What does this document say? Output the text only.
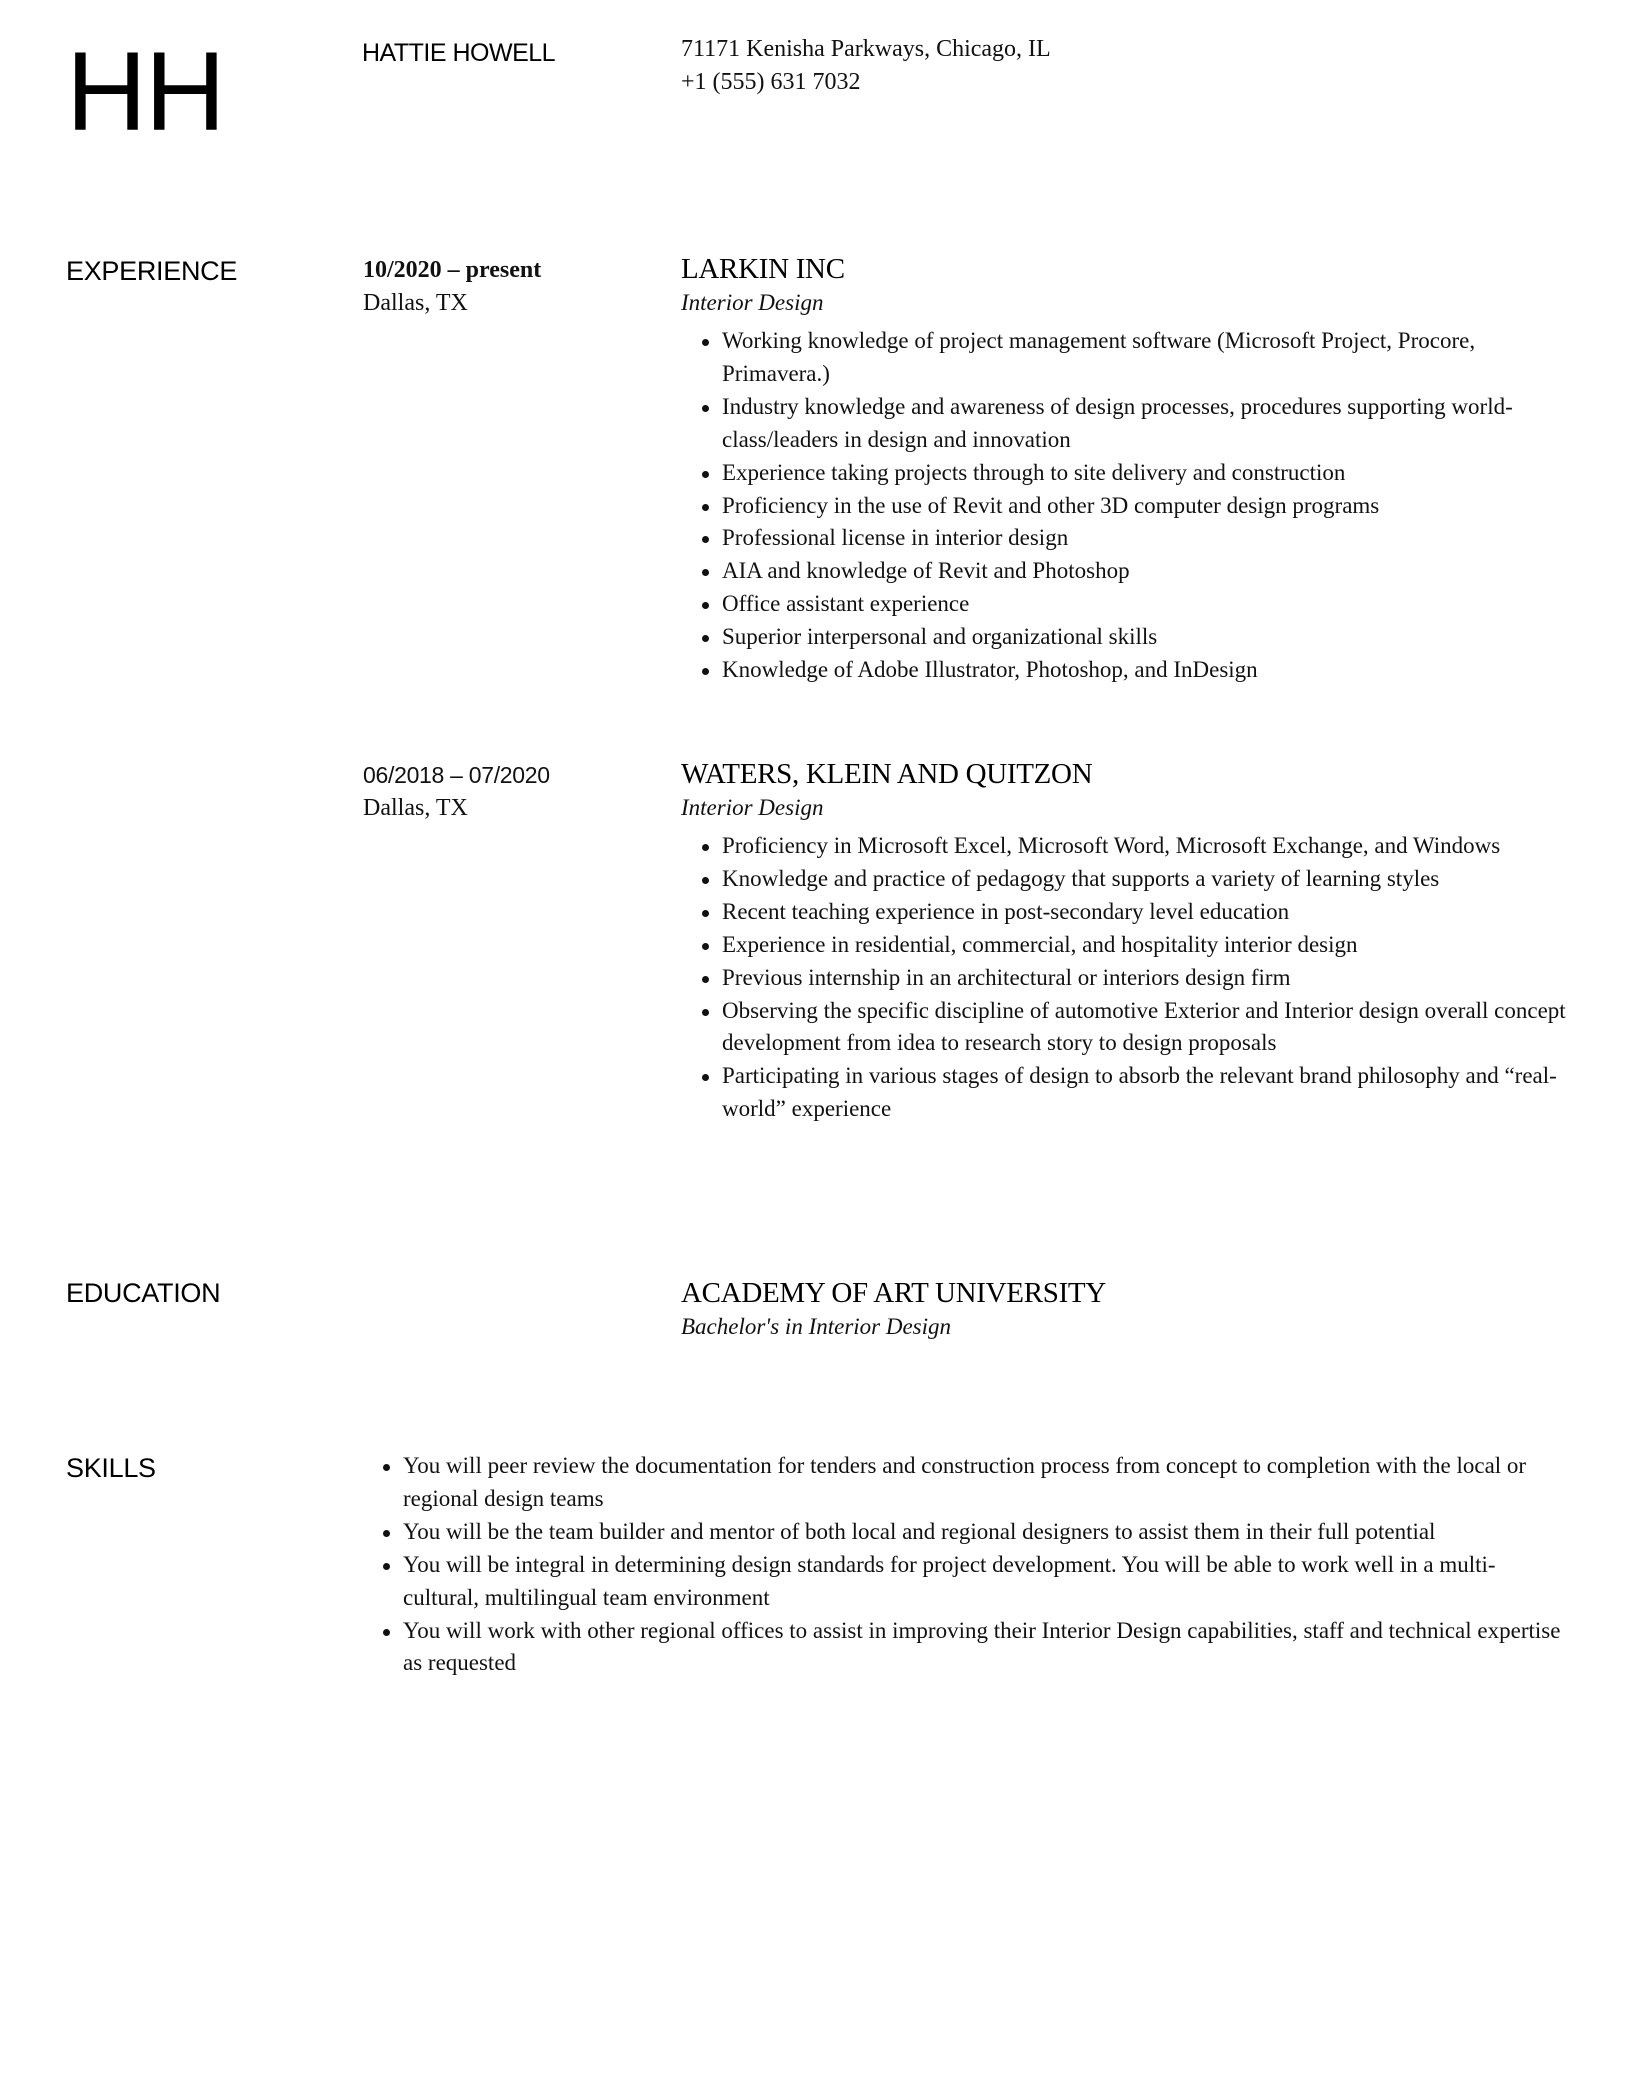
HH	HATTIE HOWELL	71171 Kenisha Parkways, Chicago, IL
+1 (555) 631 7032
EXPERIENCE	10/2020 – present
Dallas, TX
LARKIN INC
Interior Design
Working knowledge of project management software (Microsoft Project, Procore, Primavera.)
Industry knowledge and awareness of design processes, procedures supporting world-class/leaders in design and innovation
Experience taking projects through to site delivery and construction
Proficiency in the use of Revit and other 3D computer design programs
Professional license in interior design
AIA and knowledge of Revit and Photoshop
Office assistant experience
Superior interpersonal and organizational skills
Knowledge of Adobe Illustrator, Photoshop, and InDesign
06/2018 – 07/2020
Dallas, TX
WATERS, KLEIN AND QUITZON
Interior Design
Proficiency in Microsoft Excel, Microsoft Word, Microsoft Exchange, and Windows
Knowledge and practice of pedagogy that supports a variety of learning styles
Recent teaching experience in post-secondary level education
Experience in residential, commercial, and hospitality interior design
Previous internship in an architectural or interiors design firm
Observing the specific discipline of automotive Exterior and Interior design overall concept development from idea to research story to design proposals
Participating in various stages of design to absorb the relevant brand philosophy and “real-world” experience
EDUCATION	ACADEMY OF ART UNIVERSITY
Bachelor's in Interior Design
SKILLS	You will peer review the documentation for tenders and construction process from concept to completion with the local or regional design teams
You will be the team builder and mentor of both local and regional designers to assist them in their full potential
You will be integral in determining design standards for project development. You will be able to work well in a multi-cultural, multilingual team environment
You will work with other regional offices to assist in improving their Interior Design capabilities, staff and technical expertise as requested
